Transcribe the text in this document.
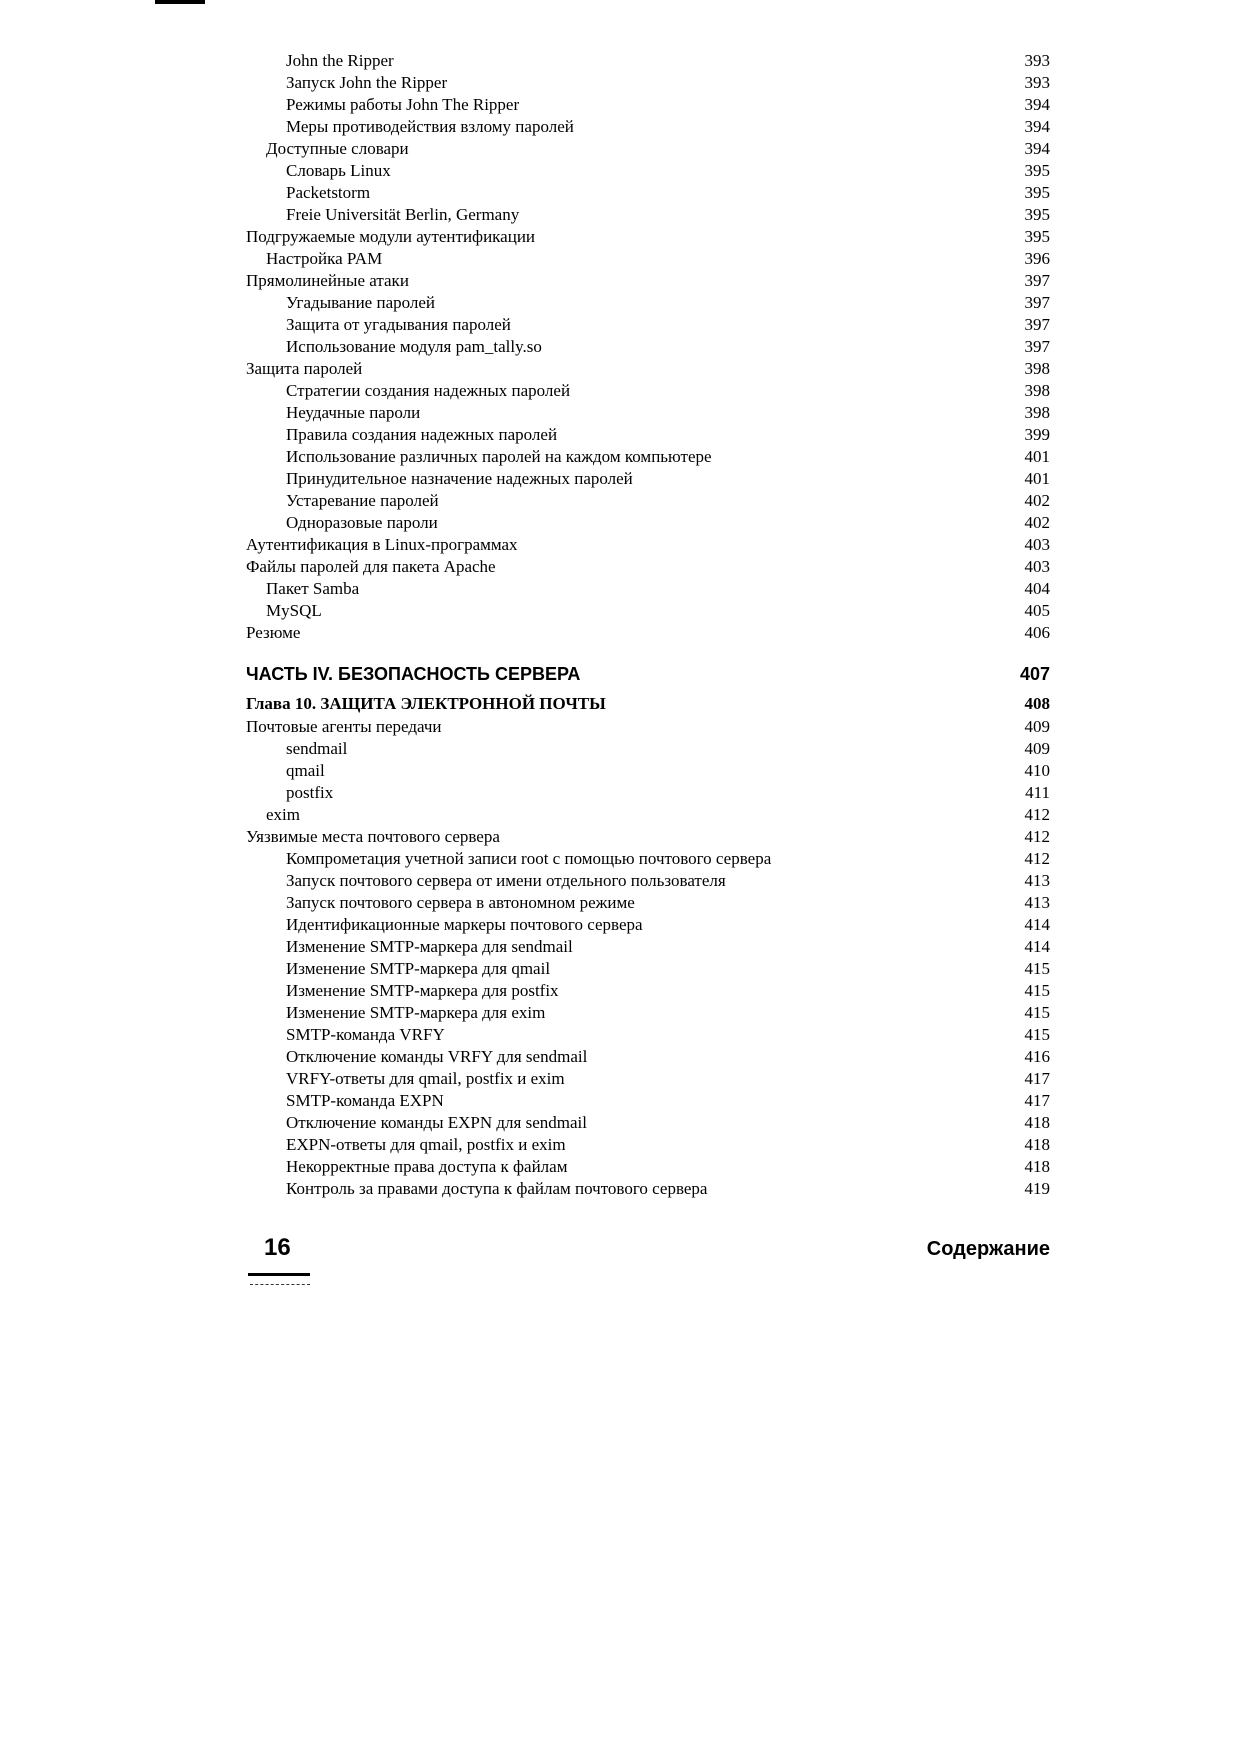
John the Ripper	393
Запуск John the Ripper	393
Режимы работы John The Ripper	394
Меры противодействия взлому паролей	394
Доступные словари	394
Словарь Linux	395
Packetstorm	395
Freie Universität Berlin, Germany	395
Подгружаемые модули аутентификации	395
Настройка PAM	396
Прямолинейные атаки	397
Угадывание паролей	397
Защита от угадывания паролей	397
Использование модуля pam_tally.so	397
Защита паролей	398
Стратегии создания надежных паролей	398
Неудачные пароли	398
Правила создания надежных паролей	399
Использование различных паролей на каждом компьютере	401
Принудительное назначение надежных паролей	401
Устаревание паролей	402
Одноразовые пароли	402
Аутентификация в Linux-программах	403
Файлы паролей для пакета Apache	403
Пакет Samba	404
MySQL	405
Резюме	406
ЧАСТЬ IV. БЕЗОПАСНОСТЬ СЕРВЕРА	407
Глава 10. ЗАЩИТА ЭЛЕКТРОННОЙ ПОЧТЫ	408
Почтовые агенты передачи	409
sendmail	409
qmail	410
postfix	411
exim	412
Уязвимые места почтового сервера	412
Компрометация учетной записи root с помощью почтового сервера	412
Запуск почтового сервера от имени отдельного пользователя	413
Запуск почтового сервера в автономном режиме	413
Идентификационные маркеры почтового сервера	414
Изменение SMTP-маркера для sendmail	414
Изменение SMTP-маркера для qmail	415
Изменение SMTP-маркера для postfix	415
Изменение SMTP-маркера для exim	415
SMTP-команда VRFY	415
Отключение команды VRFY для sendmail	416
VRFY-ответы для qmail, postfix и exim	417
SMTP-команда EXPN	417
Отключение команды EXPN для sendmail	418
EXPN-ответы для qmail, postfix и exim	418
Некорректные права доступа к файлам	418
Контроль за правами доступа к файлам почтового сервера	419
16	Содержание
